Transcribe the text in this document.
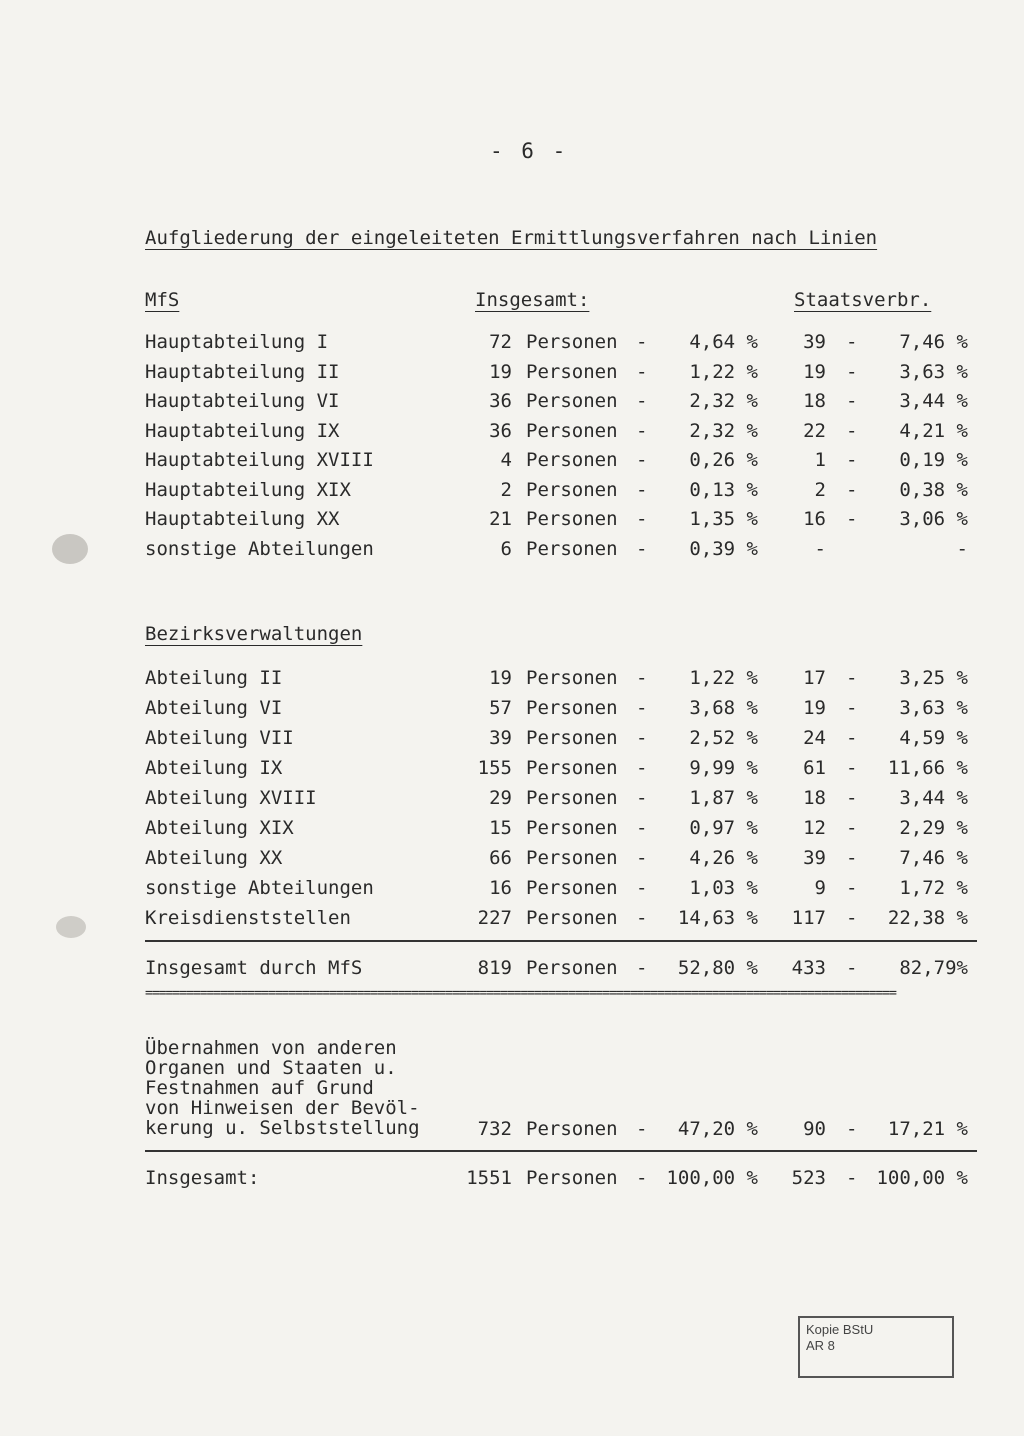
- 6 -
Aufgliederung der eingeleiteten Ermittlungsverfahren nach Linien
MfS	Insgesamt:	Staatsverbr.
Hauptabteilung I	72 Personen - 4,64 % 39 - 7,46 %
Hauptabteilung II	19 Personen - 1,22 % 19 - 3,63 %
Hauptabteilung VI	36 Personen - 2,32 % 18 - 3,44 %
Hauptabteilung IX	36 Personen - 2,32 % 22 - 4,21 %
Hauptabteilung XVIII	4 Personen - 0,26 %	1 - 0,19 %
Hauptabteilung XIX	2 Personen - 0,13 %	2 - 0,38 %
Hauptabteilung XX	21 Personen - 1,35 % 16 - 3,06 %
sonstige Abteilungen	6 Personen - 0,39 %	-	-
Bezirksverwaltungen
Abteilung II	19 Personen - 1,22 % 17 - 3,25 %
Abteilung VI	57 Personen - 3,68 % 19 - 3,63 %
Abteilung VII	39 Personen - 2,52 % 24 - 4,59 %
Abteilung IX	155 Personen - 9,99 % 61 - 11,66 %
Abteilung XVIII	29 Personen - 1,87 % 18 - 3,44 %
Abteilung XIX	15 Personen - 0,97 % 12 - 2,29 %
Abteilung XX	66 Personen - 4,26 % 39 - 7,46 %
sonstige Abteilungen	16 Personen - 1,03 %	9 - 1,72 %
Kreisdienststellen	227 Personen - 14,63 % 117 - 22,38 %
Insgesamt durch MfS	819 Personen - 52,80 % 433 - 82,79%
==============================================================================================================
Übernahmen von anderen
Organen und Staaten u.
Festnahmen auf Grund
von Hinweisen der Bevöl-
kerung u. Selbststellung	732 Personen - 47,20 % 90 - 17,21 %
Insgesamt:	1551 Personen - 100,00 % 523 - 100,00 %
Kopie BStU
AR 8
